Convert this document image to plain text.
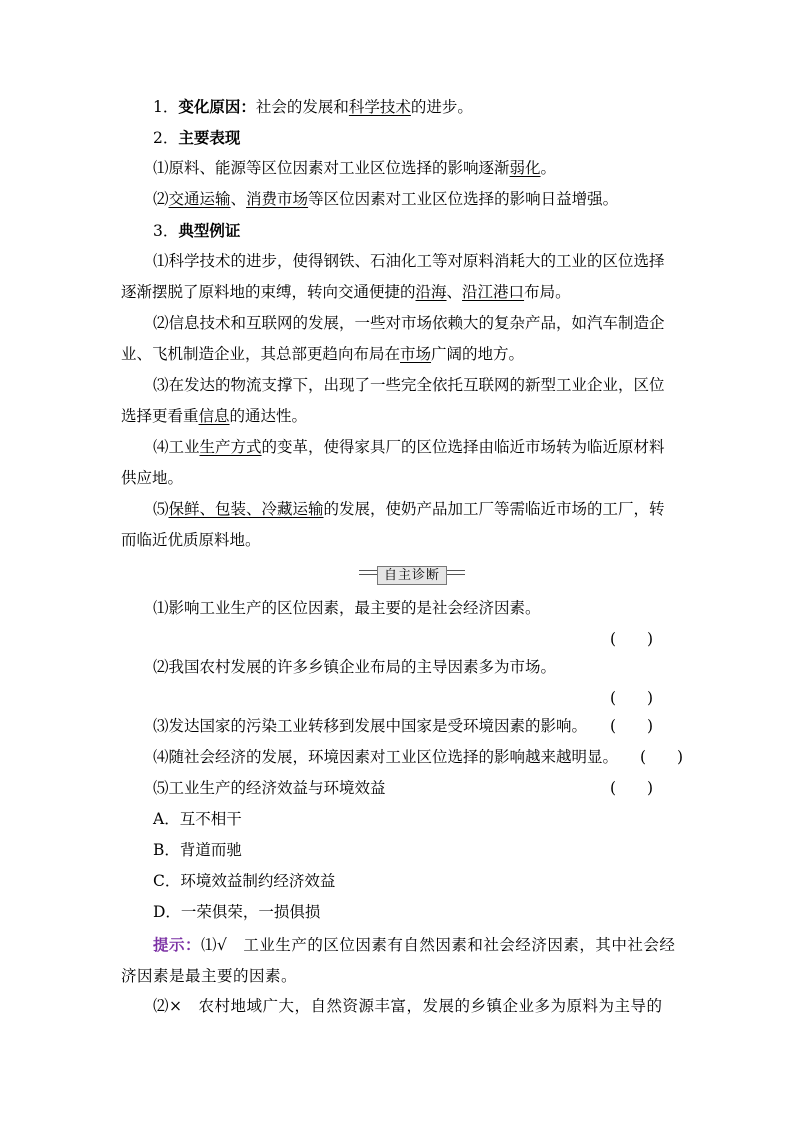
1．变化原因：社会的发展和科学技术的进步。

2．主要表现

⑴原料、能源等区位因素对工业区位选择的影响逐渐弱化。

⑵交通运输、消费市场等区位因素对工业区位选择的影响日益增强。

3．典型例证

⑴科学技术的进步，使得钢铁、石油化工等对原料消耗大的工业的区位选择逐渐摆脱了原料地的束缚，转向交通便捷的沿海、沿江港口布局。

⑵信息技术和互联网的发展，一些对市场依赖大的复杂产品，如汽车制造企业、飞机制造企业，其总部更趋向布局在市场广阔的地方。

⑶在发达的物流支撑下，出现了一些完全依托互联网的新型工业企业，区位选择更看重信息的通达性。

⑷工业生产方式的变革，使得家具厂的区位选择由临近市场转为临近原材料供应地。

⑸保鲜、包装、冷藏运输的发展，使奶产品加工厂等需临近市场的工厂，转而临近优质原料地。

自主诊断

⑴影响工业生产的区位因素，最主要的是社会经济因素。

(　　)

⑵我国农村发展的许多乡镇企业布局的主导因素多为市场。

(　　)

⑶发达国家的污染工业转移到发展中国家是受环境因素的影响。	(　　)

⑷随社会经济的发展，环境因素对工业区位选择的影响越来越明显。	(　　)

⑸工业生产的经济效益与环境效益	(　　)

A．互不相干

B．背道而驰

C．环境效益制约经济效益

D．一荣俱荣，一损俱损

提示：⑴√　工业生产的区位因素有自然因素和社会经济因素，其中社会经济因素是最主要的因素。

⑵×　农村地域广大，自然资源丰富，发展的乡镇企业多为原料为主导的
